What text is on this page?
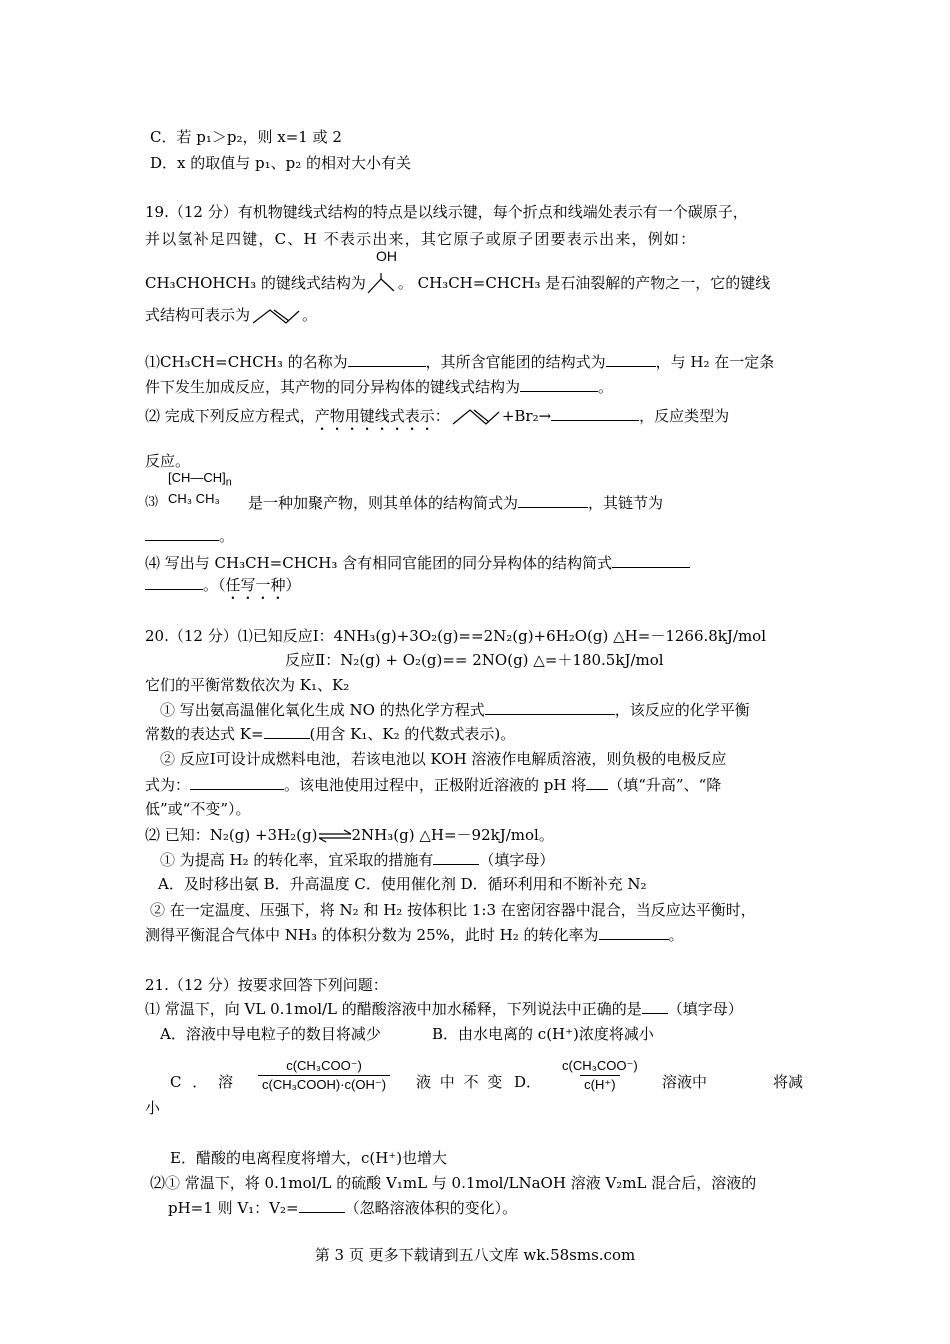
C．若 p₁＞p₂，则 x=1 或 2
D．x 的取值与 p₁、p₂ 的相对大小有关
19.（12 分）有机物键线式结构的特点是以线示键，每个折点和线端处表示有一个碳原子，
并以氢补足四键，C、H 不表示出来，其它原子或原子团要表示出来，例如：
OH
CH₃CHOHCH₃ 的键线式结构为 。 CH₃CH=CHCH₃ 是石油裂解的产物之一，它的键线
式结构可表示为	。
⑴CH₃CH=CHCH₃ 的名称为	，其所含官能团的结构式为	，与 H₂ 在一定条
件下发生加成反应，其产物的同分异构体的键线式结构为	。
⑵ 完成下列反应方程式，产物用键线式表示：	+Br₂→	，反应类型为
反应。
⑶
$[CH—CH]_n$
CH₃ CH₃	是一种加聚产物，则其单体的结构简式为	，其链节为
。
⑷ 写出与 CH₃CH=CHCH₃ 含有相同官能团的同分异构体的结构简式
。（任写一种）
20.（12 分）⑴已知反应Ⅰ：4NH₃(g)+3O₂(g)==2N₂(g)+6H₂O(g) △H=－1266.8kJ/mol
反应Ⅱ：N₂(g) + O₂(g)== 2NO(g) △=＋180.5kJ/mol
它们的平衡常数依次为 K₁、K₂
① 写出氨高温催化氧化生成 NO 的热化学方程式	，该反应的化学平衡
常数的表达式 K=	(用含 K₁、K₂ 的代数式表示)。
② 反应Ⅰ可设计成燃料电池，若该电池以 KOH 溶液作电解质溶液，则负极的电极反应
式为：	。该电池使用过程中，正极附近溶液的 pH 将 （填“升高”、“降
低”或“不变”）。
⑵ 已知：N₂(g) +3H₂(g)⇌2NH₃(g) △H=－92kJ/mol。
① 为提高 H₂ 的转化率，宜采取的措施有	（填字母）
A．及时移出氨 B．升高温度 C．使用催化剂 D．循环利用和不断补充 N₂
② 在一定温度、压强下，将 N₂ 和 H₂ 按体积比 1:3 在密闭容器中混合，当反应达平衡时，
测得平衡混合气体中 NH₃ 的体积分数为 25%，此时 H₂ 的转化率为	。
21.（12 分）按要求回答下列问题：
⑴ 常温下，向 VL 0.1mol/L 的醋酸溶液中加水稀释，下列说法中正确的是 （填字母）
A．溶液中导电粒子的数目将减少	B．由水电离的 c(H⁺)浓度将减小
C ． 溶 $\frac{\text{c(CH₃COO⁻)}}{\text{c(CH₃COOH)·c(OH⁻)}}$ 液 中 不 变 D． $\frac{\text{c(CH₃COO⁻)}}{c(H^+)}$ 溶液中	将减
小
E．醋酸的电离程度将增大，c(H⁺)也增大
⑵① 常温下，将 0.1mol/L 的硫酸 V₁mL 与 0.1mol/LNaOH 溶液 V₂mL 混合后，溶液的
pH=1 则 V₁：V₂=	（忽略溶液体积的变化）。
第 3 页 更多下载请到五八文库 wk.58sms.com
